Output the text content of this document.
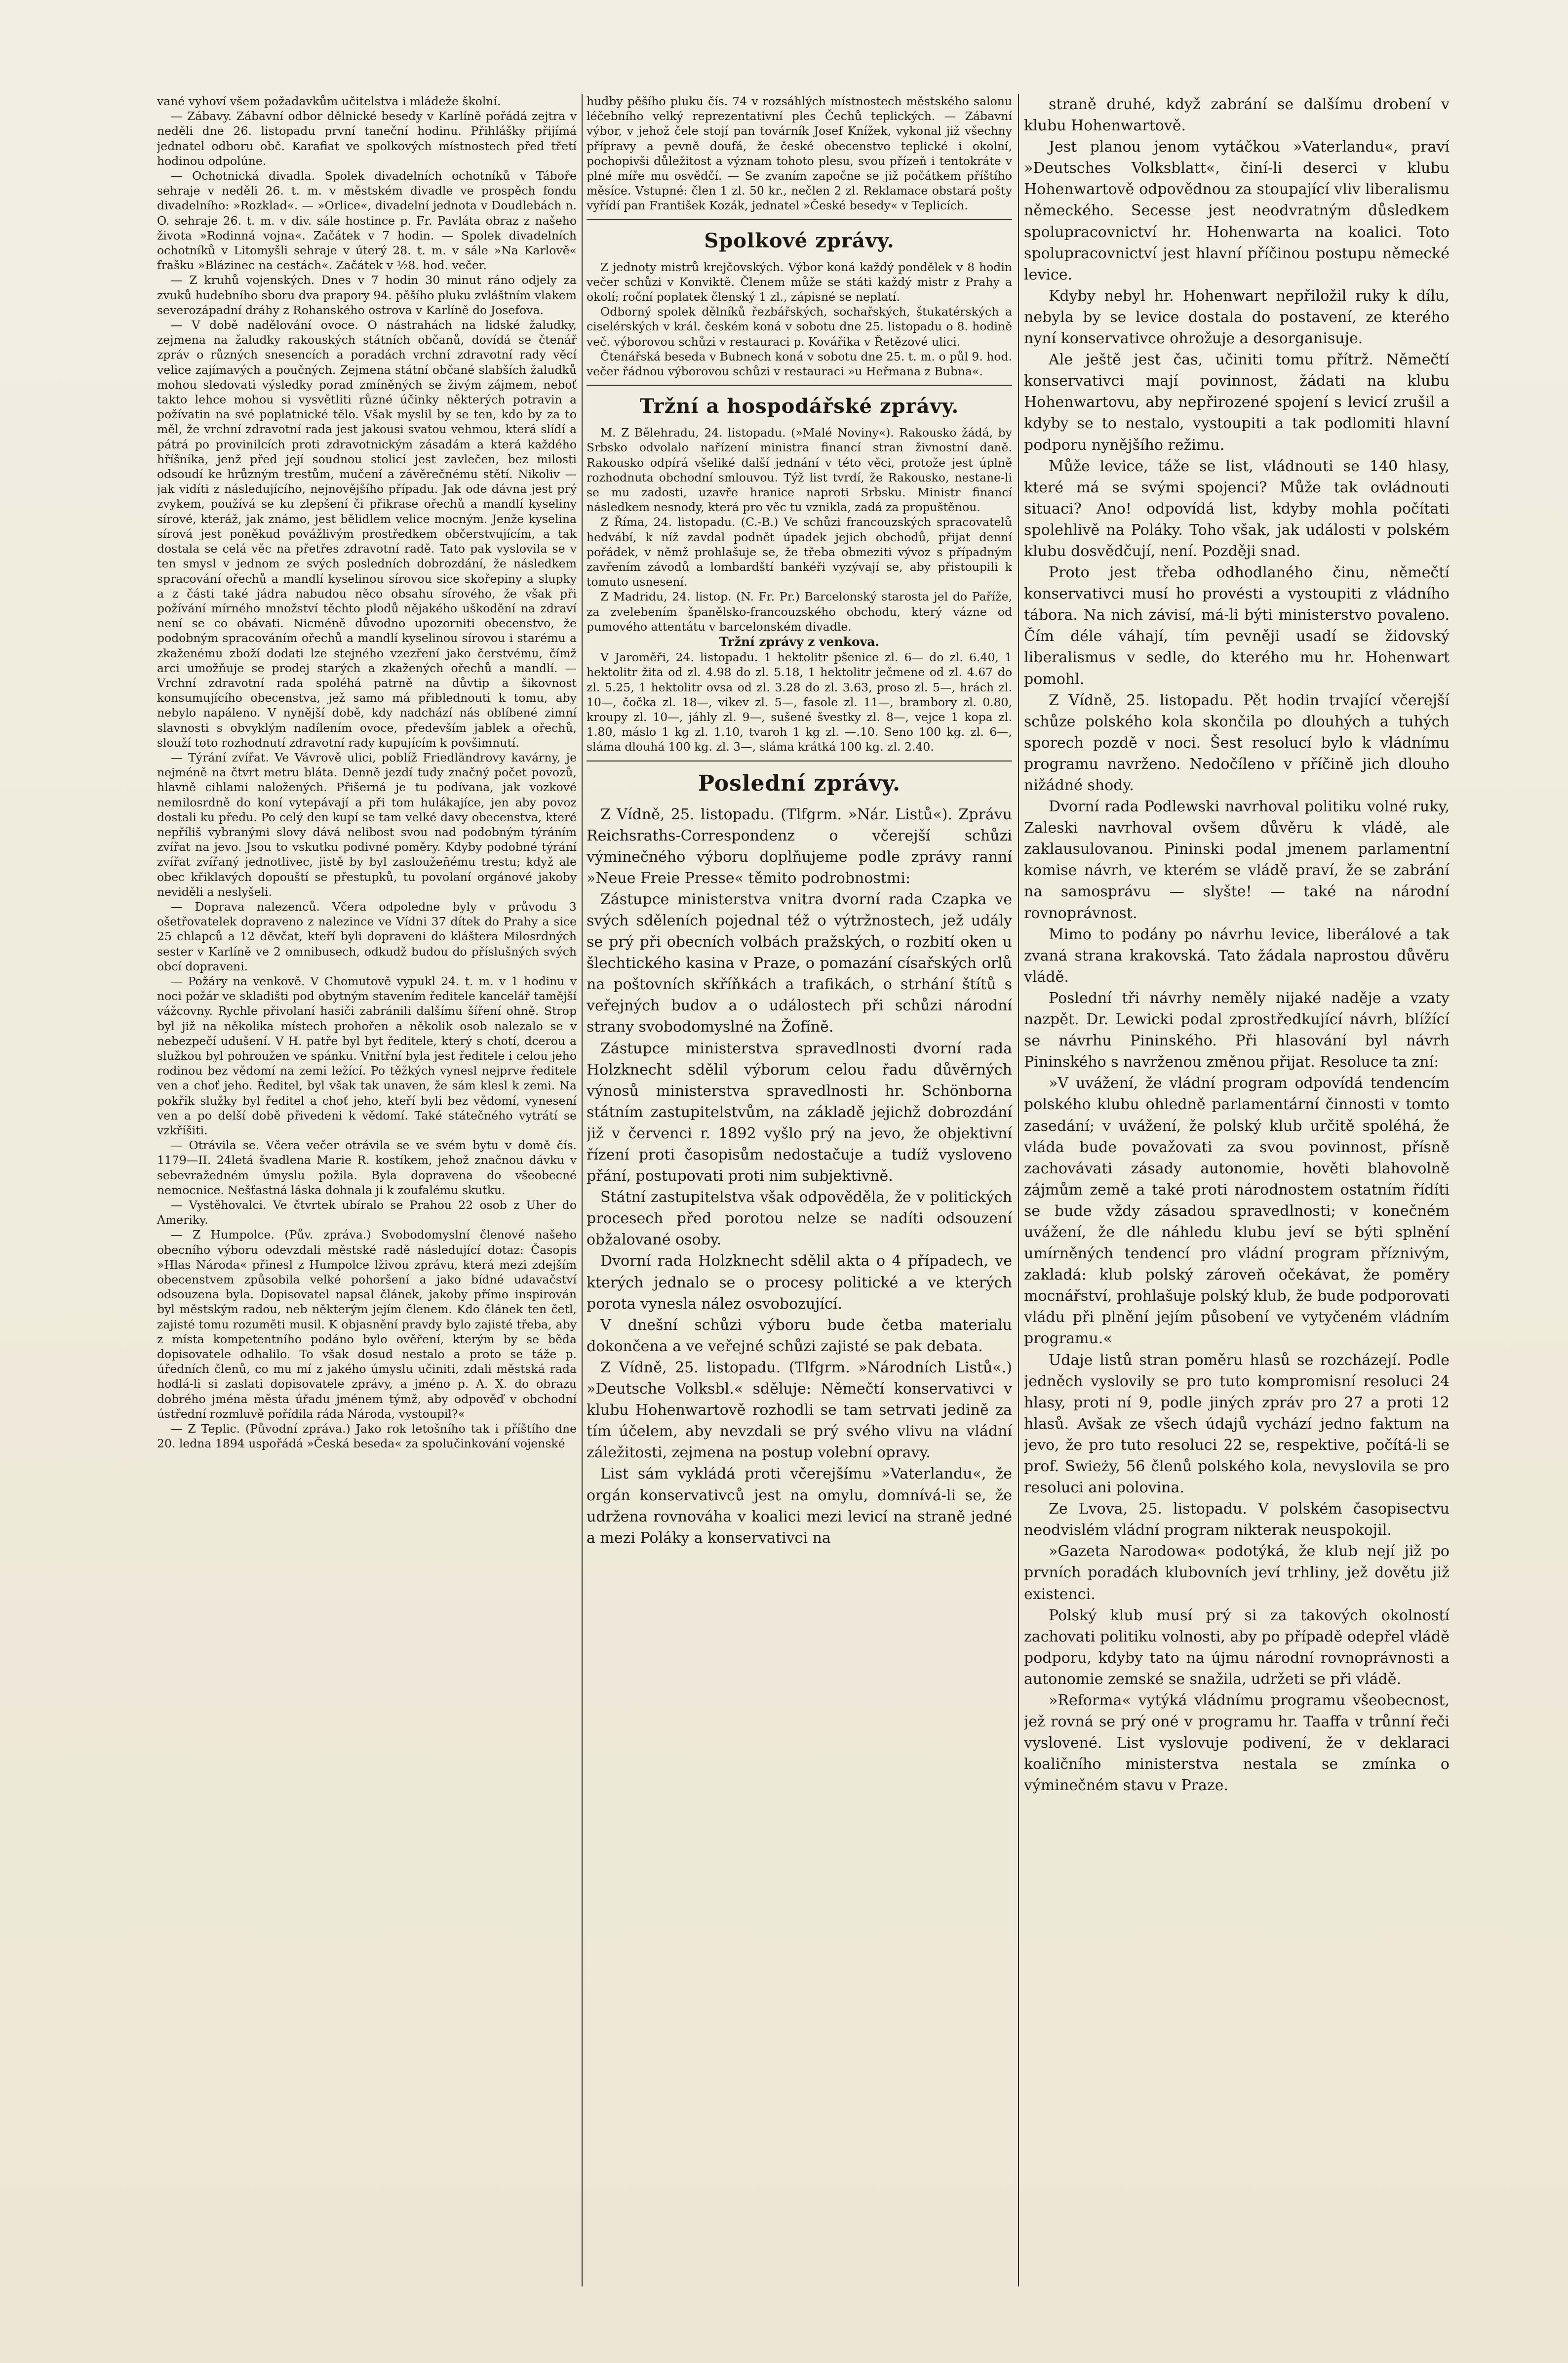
vané vyhoví všem požadavkům učitelstva i mládeže školní.

— Zábavy. Zábavní odbor dělnické besedy v Karlíně pořádá zejtra v neděli dne 26. listopadu první taneční hodinu. Přihlášky přijímá jednatel odboru obč. Karafiat ve spolkových místnostech před třetí hodinou odpolúne.

— Ochotnická divadla. Spolek divadelních ochotníků v Táboře sehraje v neděli 26. t. m. v městském divadle ve prospěch fondu divadelního: »Rozklad«. — »Orlice«, divadelní jednota v Doudlebách n. O. sehraje 26. t. m. v div. sále hostince p. Fr. Pavláta obraz z našeho života »Rodinná vojna«. Začátek v 7 hodin. — Spolek divadelních ochotníků v Litomyšli sehraje v úterý 28. t. m. v sále »Na Karlově« frašku »Blázinec na cestách«. Začátek v ½8. hod. večer.

— Z kruhů vojenských. Dnes v 7 hodin 30 minut ráno odjely za zvuků hudebního sboru dva prapory 94. pěšího pluku zvláštním vlakem severozápadní dráhy z Rohanského ostrova v Karlíně do Josefova.

— V době nadělování ovoce. O nástrahách na lidské žaludky, zejmena na žaludky rakouských státních občanů, dovídá se čtenář zpráv o různých snesencích a poradách vrchní zdravotní rady věcí velice zajímavých a poučných. Zejmena státní občané slabších žaludků mohou sledovati výsledky porad zmíněných se živým zájmem, neboť takto lehce mohou si vysvětliti různé účinky některých potravin a požívatin na své poplatnické tělo. Však myslil by se ten, kdo by za to měl, že vrchní zdravotní rada jest jakousi svatou vehmou, která slídí a pátrá po provinilcích proti zdravotnickým zásadám a která každého hříšníka, jenž před její soudnou stolicí jest zavlečen, bez milosti odsoudí ke hrůzným trestům, mučení a závěrečnému stětí. Nikoliv — jak vidíti z následujícího, nejnovějšího případu. Jak ode dávna jest prý zvykem, používá se ku zlepšení či přikrase ořechů a mandlí kyseliny sírové, kteráž, jak známo, jest bělidlem velice mocným. Jenže kyselina sírová jest poněkud povážlivým prostředkem občerstvujícím, a tak dostala se celá věc na přetřes zdravotní radě. Tato pak vyslovila se v ten smysl v jednom ze svých posledních dobrozdání, že následkem spracování ořechů a mandlí kyselinou sírovou sice skořepiny a slupky a z části také jádra nabudou něco obsahu sírového, že však při požívání mírného množství těchto plodů nějakého uškodění na zdraví není se co obávati. Nicméně důvodno upozorniti obecenstvo, že podobným spracováním ořechů a mandlí kyselinou sírovou i starému a zkaženému zboží dodati lze stejného vzezření jako čerstvému, čímž arci umožňuje se prodej starých a zkažených ořechů a mandlí. — Vrchní zdravotní rada spoléhá patrně na důvtip a šikovnost konsumujícího obecenstva, jež samo má přiblednouti k tomu, aby nebylo napáleno. V nynější době, kdy nadchází nás oblíbené zimní slavnosti s obvyklým nadílením ovoce, především jablek a ořechů, slouží toto rozhodnutí zdravotní rady kupujícím k povšimnutí.

— Týrání zvířat. Ve Vávrově ulici, poblíž Friedländrovy kavárny, je nejméně na čtvrt metru bláta. Denně jezdí tudy značný počet povozů, hlavně cihlami naložených. Přišerná je tu podívana, jak vozkové nemilosrdně do koní vytepávají a při tom hulákajíce, jen aby povoz dostali ku předu. Po celý den kupí se tam velké davy obecenstva, které nepříliš vybranými slovy dává nelibost svou nad podobným týráním zvířat na jevo. Jsou to vskutku podivné poměry. Kdyby podobné týrání zvířat zvířaný jednotlivec, jistě by byl zasloužeñému trestu; když ale obec křiklavých dopouští se přestupků, tu povolaní orgánové jakoby neviděli a neslyšeli.

— Doprava nalezenců. Včera odpoledne byly v průvodu 3 ošetřovatelek dopraveno z nalezince ve Vídni 37 dítek do Prahy a sice 25 chlapců a 12 děvčat, kteří byli dopraveni do kláštera Milosrdných sester v Karlíně ve 2 omnibusech, odkudž budou do příslušných svých obcí dopraveni.

— Požáry na venkově. V Chomutově vypukl 24. t. m. v 1 hodinu v noci požár ve skladišti pod obytným stavením ředitele kancelář tamější vážcovny. Rychle přivolaní hasiči zabránili dalšímu šíření ohně. Strop byl již na několika místech prohořen a několik osob nalezalo se v nebezpečí udušení. V H. patře byl byt ředitele, který s chotí, dcerou a služkou byl pohroužen ve spánku. Vnitřní byla jest ředitele i celou jeho rodinou bez vědomí na zemi ležící. Po těžkých vynesl nejprve ředitele ven a choť jeho. Ředitel, byl však tak unaven, že sám klesl k zemi. Na pokřik služky byl ředitel a choť jeho, kteří byli bez vědomí, vynesení ven a po delší době přivedeni k vědomí. Také státečného vytrátí se vzkříšiti.

— Otrávila se. Včera večer otrávila se ve svém bytu v domě čís. 1179—II. 24letá švadlena Marie R. kostíkem, jehož značnou dávku v sebevražedném úmyslu požila. Byla dopravena do všeobecné nemocnice. Nešťastná láska dohnala ji k zoufalému skutku.

— Vystěhovalci. Ve čtvrtek ubíralo se Prahou 22 osob z Uher do Ameriky.

— Z Humpolce. (Pův. zpráva.) Svobodomyslní členové našeho obecního výboru odevzdali městské radě následující dotaz: Časopis »Hlas Národa« přinesl z Humpolce lživou zprávu, která mezi zdejším obecenstvem způsobila velké pohoršení a jako bídné udavačství odsouzena byla. Dopisovatel napsal článek, jakoby přímo inspirován byl městským radou, neb některým jejím členem. Kdo článek ten četl, zajisté tomu rozuměti musil. K objasnění pravdy bylo zajisté třeba, aby z místa kompetentního podáno bylo ověření, kterým by se běda dopisovatele odhalilo. To však dosud nestalo a proto se táže p. úředních členů, co mu mí z jakého úmyslu učiniti, zdali městská rada hodlá-li si zaslati dopisovatele zprávy, a jméno p. A. X. do obrazu dobrého jména města úřadu jménem týmž, aby odpověď v obchodní ústřední rozmluvě pořídila ráda Národa, vystoupil?«

— Z Teplic. (Původní zpráva.) Jako rok letošního tak i příštího dne 20. ledna 1894 uspořádá »Česká beseda« za spolučinkování vojenské

hudby pěšího pluku čís. 74 v rozsáhlých místnostech městského salonu léčebního velký reprezentativní ples Čechů teplických. — Zábavní výbor, v jehož čele stojí pan továrník Josef Knížek, vykonal již všechny přípravy a pevně doufá, že české obecenstvo teplické i okolní, pochopivši důležitost a význam tohoto plesu, svou přízeň i tentokráte v plné míře mu osvědčí. — Se zvaním započne se již počátkem příštího měsíce. Vstupné: člen 1 zl. 50 kr., nečlen 2 zl. Reklamace obstará pošty vyřídí pan František Kozák, jednatel »České besedy« v Teplicích.

Spolkové zprávy.

Z jednoty mistrů krejčovských. Výbor koná každý pondělek v 8 hodin večer schůzi v Konviktě. Členem může se státi každý mistr z Prahy a okolí; roční poplatek členský 1 zl., zápisné se neplatí.

Odborný spolek dělníků řezbářských, sochařských, štukatérských a ciselérských v král. českém koná v sobotu dne 25. listopadu o 8. hodině več. výborovou schůzi v restauraci p. Kovářika v Řetězové ulici.

Čtenářská beseda v Bubnech koná v sobotu dne 25. t. m. o půl 9. hod. večer řádnou výborovou schůzi v restauraci »u Heřmana z Bubna«.

Tržní a hospodářské zprávy.

M. Z Bělehradu, 24. listopadu. (»Malé Noviny«). Rakousko žádá, by Srbsko odvolalo nařízení ministra financí stran živnostní daně. Rakousko odpírá všeliké další jednání v této věci, protože jest úplně rozhodnuta obchodní smlouvou. Týž list tvrdí, že Rakousko, nestane-li se mu zadosti, uzavře hranice naproti Srbsku. Ministr financí následkem nesnody, která pro věc tu vznikla, zadá za propuštěnou.

Z Říma, 24. listopadu. (C.-B.) Ve schůzi francouzských spracovatelů hedvábí, k níž zavdal podnět úpadek jejich obchodů, přijat denní pořádek, v němž prohlašuje se, že třeba obmeziti vývoz s případným zavřením závodů a lombardští bankéři vyzývají se, aby přistoupili k tomuto usnesení.

Z Madridu, 24. listop. (N. Fr. Pr.) Barcelonský starosta jel do Paříže, za zvelebením španělsko-francouzského obchodu, který vázne od pumového attentátu v barcelonském divadle.

Tržní zprávy z venkova.

V Jaroměři, 24. listopadu. 1 hektolitr pšenice zl. 6— do zl. 6.40, 1 hektolitr žita od zl. 4.98 do zl. 5.18, 1 hektolitr ječmene od zl. 4.67 do zl. 5.25, 1 hektolitr ovsa od zl. 3.28 do zl. 3.63, proso zl. 5—, hrách zl. 10—, čočka zl. 18—, vikev zl. 5—, fasole zl. 11—, brambory zl. 0.80, kroupy zl. 10—, jáhly zl. 9—, sušené švestky zl. 8—, vejce 1 kopa zl. 1.80, máslo 1 kg zl. 1.10, tvaroh 1 kg zl. —.10. Seno 100 kg. zl. 6—, sláma dlouhá 100 kg. zl. 3—, sláma krátká 100 kg. zl. 2.40.

Poslední zprávy.

Z Vídně, 25. listopadu. (Tlfgrm. »Nár. Listů«). Zprávu Reichsraths-Correspondenz o včerejší schůzi výminečného výboru doplňujeme podle zprávy ranní »Neue Freie Presse« těmito podrobnostmi:

Zástupce ministerstva vnitra dvorní rada Czapka ve svých sděleních pojednal též o výtržnostech, jež udály se prý při obecních volbách pražských, o rozbití oken u šlechtického kasina v Praze, o pomazání císařských orlů na poštovních skříňkách a trafikách, o strhání štítů s veřejných budov a o událostech při schůzi národní strany svobodomyslné na Žofíně.

Zástupce ministerstva spravedlnosti dvorní rada Holzknecht sdělil výborum celou řadu důvěrných výnosů ministerstva spravedlnosti hr. Schönborna státním zastupitelstvům, na základě jejichž dobrozdání již v červenci r. 1892 vyšlo prý na jevo, že objektivní řízení proti časopisům nedostačuje a tudíž vysloveno přání, postupovati proti nim subjektivně.

Státní zastupitelstva však odpověděla, že v politických procesech před porotou nelze se nadíti odsouzení obžalované osoby.

Dvorní rada Holzknecht sdělil akta o 4 případech, ve kterých jednalo se o procesy politické a ve kterých porota vynesla nález osvobozující.

V dnešní schůzi výboru bude četba materialu dokončena a ve veřejné schůzi zajisté se pak debata.

Z Vídně, 25. listopadu. (Tlfgrm. »Národních Listů«.) »Deutsche Volksbl.« sděluje: Němečtí konservativci v klubu Hohenwartově rozhodli se tam setrvati jedině za tím účelem, aby nevzdali se prý svého vlivu na vládní záležitosti, zejmena na postup volební opravy.

List sám vykládá proti včerejšímu »Vaterlandu«, že orgán konservativců jest na omylu, domnívá-li se, že udržena rovnováha v koalici mezi levicí na straně jedné a mezi Poláky a konservativci na

straně druhé, když zabrání se dalšímu drobení v klubu Hohenwartově.

Jest planou jenom vytáčkou »Vaterlandu«, praví »Deutsches Volksblatt«, činí-li deserci v klubu Hohenwartově odpovědnou za stoupající vliv liberalismu německého. Secesse jest neodvratným důsledkem spolupracovnictví hr. Hohenwarta na koalici. Toto spolupracovnictví jest hlavní příčinou postupu německé levice.

Kdyby nebyl hr. Hohenwart nepřiložil ruky k dílu, nebyla by se levice dostala do postavení, ze kterého nyní konservativce ohrožuje a desorganisuje.

Ale ještě jest čas, učiniti tomu přítrž. Němečtí konservativci mají povinnost, žádati na klubu Hohenwartovu, aby nepřirozené spojení s levicí zrušil a kdyby se to nestalo, vystoupiti a tak podlomiti hlavní podporu nynějšího režimu.

Může levice, táže se list, vládnouti se 140 hlasy, které má se svými spojenci? Může tak ovládnouti situaci? Ano! odpovídá list, kdyby mohla počítati spolehlivě na Poláky. Toho však, jak události v polském klubu dosvědčují, není. Později snad.

Proto jest třeba odhodlaného činu, němečtí konservativci musí ho provésti a vystoupiti z vládního tábora. Na nich závisí, má-li býti ministerstvo povaleno. Čím déle váhají, tím pevněji usadí se židovský liberalismus v sedle, do kterého mu hr. Hohenwart pomohl.

Z Vídně, 25. listopadu. Pět hodin trvající včerejší schůze polského kola skončila po dlouhých a tuhých sporech pozdě v noci. Šest resolucí bylo k vládnímu programu navrženo. Nedočíleno v příčině jich dlouho nižádné shody.

Dvorní rada Podlewski navrhoval politiku volné ruky, Zaleski navrhoval ovšem důvěru k vládě, ale zaklausulovanou. Pininski podal jmenem parlamentní komise návrh, ve kterém se vládě praví, že se zabrání na samosprávu — slyšte! — také na národní rovnoprávnost.

Mimo to podány po návrhu levice, liberálové a tak zvaná strana krakovská. Tato žádala naprostou důvěru vládě.

Poslední tři návrhy neměly nijaké naděje a vzaty nazpět. Dr. Lewicki podal zprostředkující návrh, blížící se návrhu Pininského. Při hlasování byl návrh Pininského s navrženou změnou přijat. Resoluce ta zní:

»V uvážení, že vládní program odpovídá tendencím polského klubu ohledně parlamentární činnosti v tomto zasedání; v uvážení, že polský klub určitě spoléhá, že vláda bude považovati za svou povinnost, přísně zachovávati zásady autonomie, hověti blahovolně zájmům země a také proti národnostem ostatním řídíti se bude vždy zásadou spravedlnosti; v konečném uvážení, že dle náhledu klubu jeví se býti splnění umírněných tendencí pro vládní program příznivým, zakladá: klub polský zároveň očekávat, že poměry mocnářství, prohlašuje polský klub, že bude podporovati vládu při plnění jejím působení ve vytyčeném vládním programu.«

Udaje listů stran poměru hlasů se rozcházejí. Podle jedněch vyslovily se pro tuto kompromisní resoluci 24 hlasy, proti ní 9, podle jiných zpráv pro 27 a proti 12 hlasů. Avšak ze všech údajů vychází jedno faktum na jevo, že pro tuto resoluci 22 se, respektive, počítá-li se prof. Swieży, 56 členů polského kola, nevyslovila se pro resoluci ani polovina.

Ze Lvova, 25. listopadu. V polském časopisectvu neodvislém vládní program nikterak neuspokojil.

»Gazeta Narodowa« podotýká, že klub nejí již po prvních poradách klubovních jeví trhliny, jež dovětu již existenci.

Polský klub musí prý si za takových okolností zachovati politiku volnosti, aby po případě odepřel vládě podporu, kdyby tato na újmu národní rovnoprávnosti a autonomie zemské se snažila, udržeti se při vládě.

»Reforma« vytýká vládnímu programu všeobecnost, jež rovná se prý oné v programu hr. Taaffa v trůnní řeči vyslovené. List vyslovuje podivení, že v deklaraci koaličního ministerstva nestala se zmínka o výminečném stavu v Praze.
